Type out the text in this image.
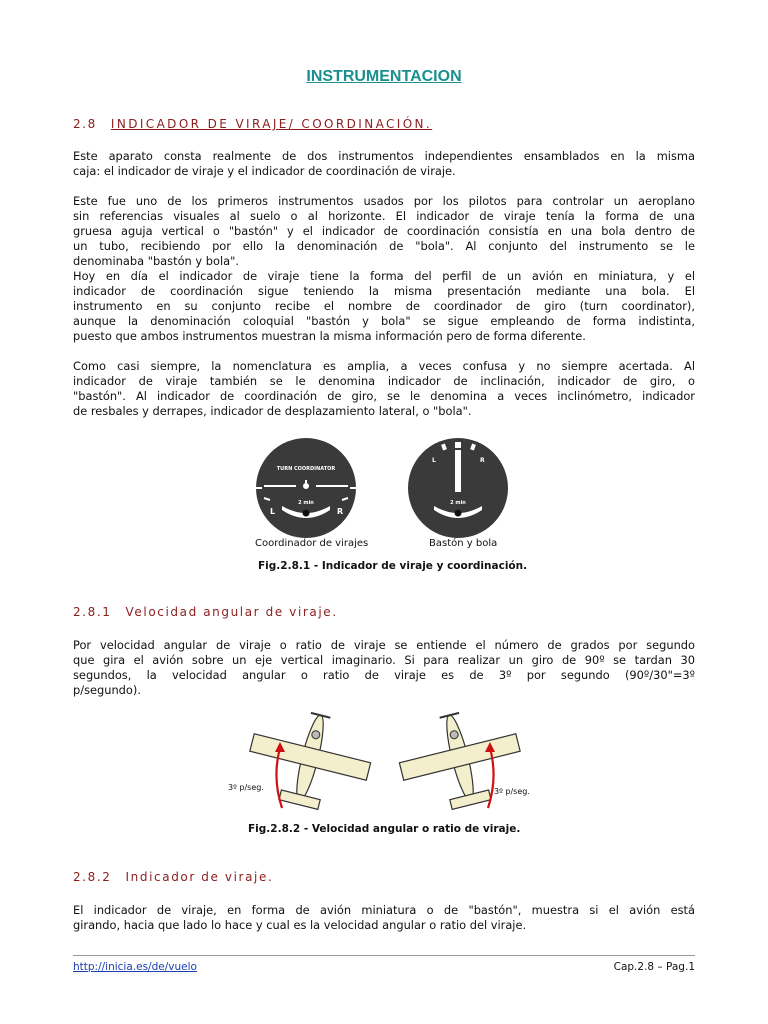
INSTRUMENTACION
2.8 INDICADOR DE VIRAJE/ COORDINACIÓN.
Este aparato consta realmente de dos instrumentos independientes ensamblados en la misma
caja: el indicador de viraje y el indicador de coordinación de viraje.
Este fue uno de los primeros instrumentos usados por los pilotos para controlar un aeroplano
sin referencias visuales al suelo o al horizonte. El indicador de viraje tenía la forma de una
gruesa aguja vertical o "bastón" y el indicador de coordinación consistía en una bola dentro de
un tubo, recibiendo por ello la denominación de "bola". Al conjunto del instrumento se le
denominaba "bastón y bola".
Hoy en día el indicador de viraje tiene la forma del perfil de un avión en miniatura, y el
indicador de coordinación sigue teniendo la misma presentación mediante una bola. El
instrumento en su conjunto recibe el nombre de coordinador de giro (turn coordinator),
aunque la denominación coloquial "bastón y bola" se sigue empleando de forma indistinta,
puesto que ambos instrumentos muestran la misma información pero de forma diferente.
Como casi siempre, la nomenclatura es amplia, a veces confusa y no siempre acertada. Al
indicador de viraje también se le denomina indicador de inclinación, indicador de giro, o
"bastón". Al indicador de coordinación de giro, se le denomina a veces inclinómetro, indicador
de resbales y derrapes, indicador de desplazamiento lateral, o "bola".
TURN COORDINATOR
2 min
L	R
L	R
2 min
Coordinador de virajes	Bastón y bola
Fig.2.8.1 - Indicador de viraje y coordinación.
2.8.1 Velocidad angular de viraje.
Por velocidad angular de viraje o ratio de viraje se entiende el número de grados por segundo
que gira el avión sobre un eje vertical imaginario. Si para realizar un giro de 90º se tardan 30
segundos, la velocidad angular o ratio de viraje es de 3º por segundo (90º/30"=3º
p/segundo).
3º p/seg.	3º p/seg.
Fig.2.8.2 - Velocidad angular o ratio de viraje.
2.8.2 Indicador de viraje.
El indicador de viraje, en forma de avión miniatura o de "bastón", muestra si el avión está
girando, hacia que lado lo hace y cual es la velocidad angular o ratio del viraje.
http://inicia.es/de/vuelo	Cap.2.8 – Pag.1
